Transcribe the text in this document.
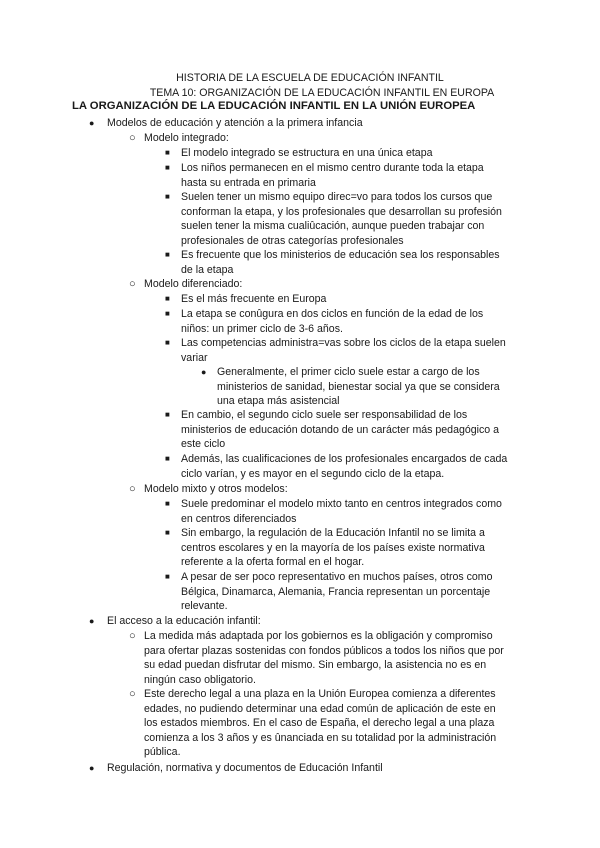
HISTORIA DE LA ESCUELA DE EDUCACIÓN INFANTIL
TEMA 10: ORGANIZACIÓN DE LA EDUCACIÓN INFANTIL EN EUROPA
LA ORGANIZACIÓN DE LA EDUCACIÓN INFANTIL EN LA UNIÓN EUROPEA
● Modelos de educación y atención a la primera infancia
○ Modelo integrado:
■ El modelo integrado se estructura en una única etapa
■ Los niños permanecen en el mismo centro durante toda la etapa
hasta su entrada en primaria
■ Suelen tener un mismo equipo direc=vo para todos los cursos que
conforman la etapa, y los profesionales que desarrollan su profesión
suelen tener la misma cualiûcación, aunque pueden trabajar con
profesionales de otras categorías profesionales
■ Es frecuente que los ministerios de educación sea los responsables
de la etapa
○ Modelo diferenciado:
■ Es el más frecuente en Europa
■ La etapa se conûgura en dos ciclos en función de la edad de los
niños: un primer ciclo de 3-6 años.
■ Las competencias administra=vas sobre los ciclos de la etapa suelen
variar
● Generalmente, el primer ciclo suele estar a cargo de los
ministerios de sanidad, bienestar social ya que se considera
una etapa más asistencial
■ En cambio, el segundo ciclo suele ser responsabilidad de los
ministerios de educación dotando de un carácter más pedagógico a
este ciclo
■ Además, las cualificaciones de los profesionales encargados de cada
ciclo varían, y es mayor en el segundo ciclo de la etapa.
○ Modelo mixto y otros modelos:
■ Suele predominar el modelo mixto tanto en centros integrados como
en centros diferenciados
■ Sin embargo, la regulación de la Educación Infantil no se limita a
centros escolares y en la mayoría de los países existe normativa
referente a la oferta formal en el hogar.
■ A pesar de ser poco representativo en muchos países, otros como
Bélgica, Dinamarca, Alemania, Francia representan un porcentaje
relevante.
● El acceso a la educación infantil:
○ La medida más adaptada por los gobiernos es la obligación y compromiso
para ofertar plazas sostenidas con fondos públicos a todos los niños que por
su edad puedan disfrutar del mismo. Sin embargo, la asistencia no es en
ningún caso obligatorio.
○ Este derecho legal a una plaza en la Unión Europea comienza a diferentes
edades, no pudiendo determinar una edad común de aplicación de este en
los estados miembros. En el caso de España, el derecho legal a una plaza
comienza a los 3 años y es ûnanciada en su totalidad por la administración
pública.
● Regulación, normativa y documentos de Educación Infantil
